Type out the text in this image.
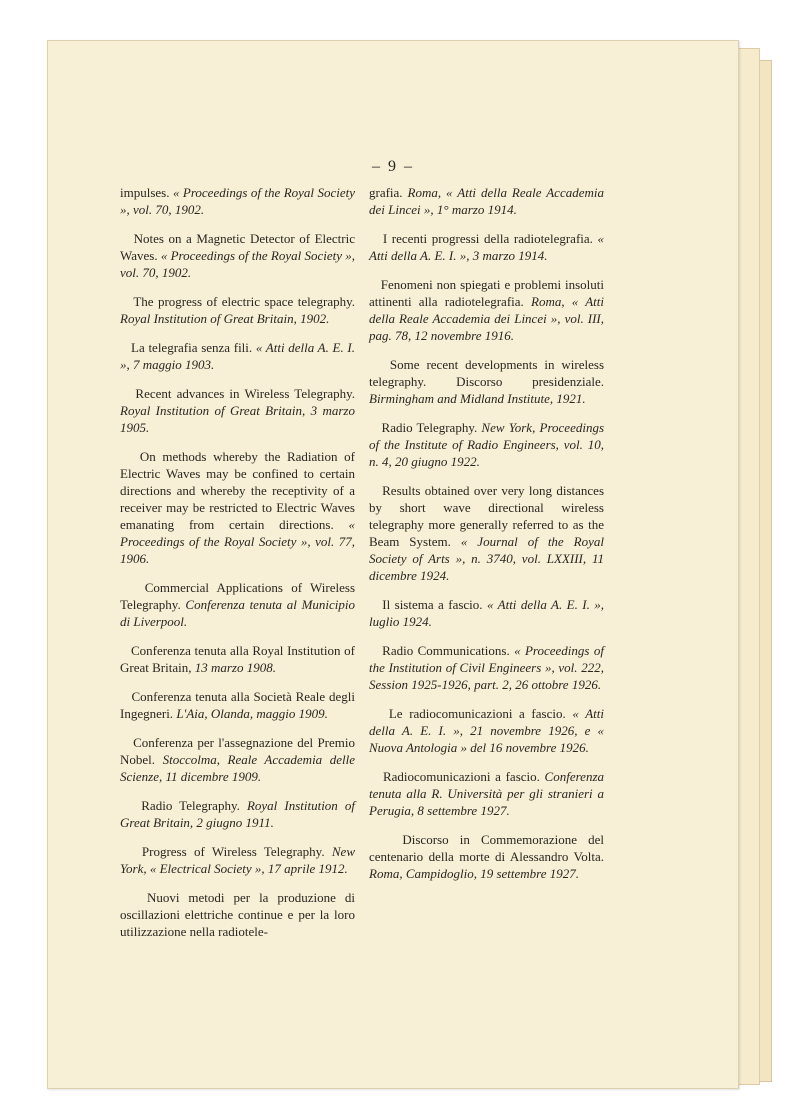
– 9 –

impulses. « Proceedings of the Royal Society », vol. 70, 1902.

Notes on a Magnetic Detector of Electric Waves. « Proceedings of the Royal Society », vol. 70, 1902.

The progress of electric space telegraphy. Royal Institution of Great Britain, 1902.

La telegrafia senza fili. « Atti della A. E. I. », 7 maggio 1903.

Recent advances in Wireless Telegraphy. Royal Institution of Great Britain, 3 marzo 1905.

On methods whereby the Radiation of Electric Waves may be confined to certain directions and whereby the receptivity of a receiver may be restricted to Electric Waves emanating from certain directions. « Proceedings of the Royal Society », vol. 77, 1906.

Commercial Applications of Wireless Telegraphy. Conferenza tenuta al Municipio di Liverpool.

Conferenza tenuta alla Royal Institution of Great Britain, 13 marzo 1908.

Conferenza tenuta alla Società Reale degli Ingegneri. L'Aia, Olanda, maggio 1909.

Conferenza per l'assegnazione del Premio Nobel. Stoccolma, Reale Accademia delle Scienze, 11 dicembre 1909.

Radio Telegraphy. Royal Institution of Great Britain, 2 giugno 1911.

Progress of Wireless Telegraphy. New York, « Electrical Society », 17 aprile 1912.

Nuovi metodi per la produzione di oscillazioni elettriche continue e per la loro utilizzazione nella radiotele-

grafia. Roma, « Atti della Reale Accademia dei Lincei », 1° marzo 1914.

I recenti progressi della radiotelegrafia. « Atti della A. E. I. », 3 marzo 1914.

Fenomeni non spiegati e problemi insoluti attinenti alla radiotelegrafia. Roma, « Atti della Reale Accademia dei Lincei », vol. III, pag. 78, 12 novembre 1916.

Some recent developments in wireless telegraphy. Discorso presidenziale. Birmingham and Midland Institute, 1921.

Radio Telegraphy. New York, Proceedings of the Institute of Radio Engineers, vol. 10, n. 4, 20 giugno 1922.

Results obtained over very long distances by short wave directional wireless telegraphy more generally referred to as the Beam System. « Journal of the Royal Society of Arts », n. 3740, vol. LXXIII, 11 dicembre 1924.

Il sistema a fascio. « Atti della A. E. I. », luglio 1924.

Radio Communications. « Proceedings of the Institution of Civil Engineers », vol. 222, Session 1925-1926, part. 2, 26 ottobre 1926.

Le radiocomunicazioni a fascio. « Atti della A. E. I. », 21 novembre 1926, e « Nuova Antologia » del 16 novembre 1926.

Radiocomunicazioni a fascio. Conferenza tenuta alla R. Università per gli stranieri a Perugia, 8 settembre 1927.

Discorso in Commemorazione del centenario della morte di Alessandro Volta. Roma, Campidoglio, 19 settembre 1927.
